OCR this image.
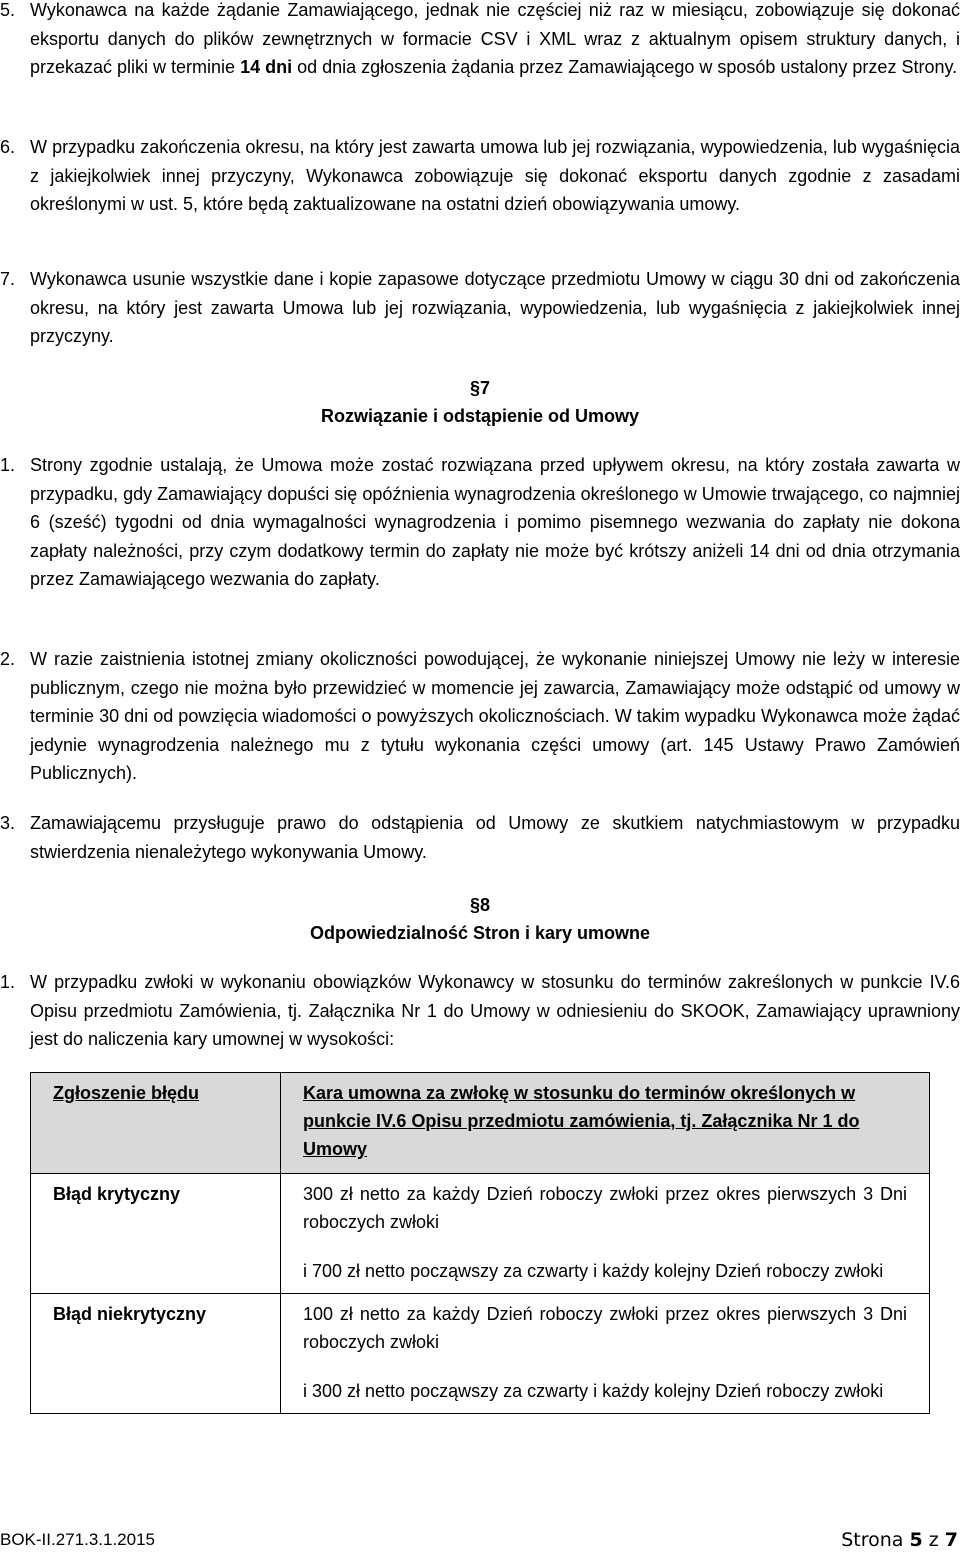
5. Wykonawca na każde żądanie Zamawiającego, jednak nie częściej niż raz w miesiącu, zobowiązuje się dokonać eksportu danych do plików zewnętrznych w formacie CSV i XML wraz z aktualnym opisem struktury danych, i przekazać pliki w terminie 14 dni od dnia zgłoszenia żądania przez Zamawiającego w sposób ustalony przez Strony.
6. W przypadku zakończenia okresu, na który jest zawarta umowa lub jej rozwiązania, wypowiedzenia, lub wygaśnięcia z jakiejkolwiek innej przyczyny, Wykonawca zobowiązuje się dokonać eksportu danych zgodnie z zasadami określonymi w ust. 5, które będą zaktualizowane na ostatni dzień obowiązywania umowy.
7. Wykonawca usunie wszystkie dane i kopie zapasowe dotyczące przedmiotu Umowy w ciągu 30 dni od zakończenia okresu, na który jest zawarta Umowa lub jej rozwiązania, wypowiedzenia, lub wygaśnięcia z jakiejkolwiek innej przyczyny.
§7
Rozwiązanie i odstąpienie od Umowy
1. Strony zgodnie ustalają, że Umowa może zostać rozwiązana przed upływem okresu, na który została zawarta w przypadku, gdy Zamawiający dopuści się opóźnienia wynagrodzenia określonego w Umowie trwającego, co najmniej 6 (sześć) tygodni od dnia wymagalności wynagrodzenia i pomimo pisemnego wezwania do zapłaty nie dokona zapłaty należności, przy czym dodatkowy termin do zapłaty nie może być krótszy aniżeli 14 dni od dnia otrzymania przez Zamawiającego wezwania do zapłaty.
2. W razie zaistnienia istotnej zmiany okoliczności powodującej, że wykonanie niniejszej Umowy nie leży w interesie publicznym, czego nie można było przewidzieć w momencie jej zawarcia, Zamawiający może odstąpić od umowy w terminie 30 dni od powzięcia wiadomości o powyższych okolicznościach. W takim wypadku Wykonawca może żądać jedynie wynagrodzenia należnego mu z tytułu wykonania części umowy (art. 145 Ustawy Prawo Zamówień Publicznych).
3. Zamawiającemu przysługuje prawo do odstąpienia od Umowy ze skutkiem natychmiastowym w przypadku stwierdzenia nienależytego wykonywania Umowy.
§8
Odpowiedzialność Stron i kary umowne
1. W przypadku zwłoki w wykonaniu obowiązków Wykonawcy w stosunku do terminów zakreślonych w punkcie IV.6 Opisu przedmiotu Zamówienia, tj. Załącznika Nr 1 do Umowy w odniesieniu do SKOOK, Zamawiający uprawniony jest do naliczenia kary umownej w wysokości:
Zgłoszenie błędu	Kara umowna za zwłokę w stosunku do terminów określonych w punkcie IV.6 Opisu przedmiotu zamówienia, tj. Załącznika Nr 1 do Umowy
Błąd krytyczny	300 zł netto za każdy Dzień roboczy zwłoki przez okres pierwszych 3 Dni roboczych zwłoki

i 700 zł netto począwszy za czwarty i każdy kolejny Dzień roboczy zwłoki

Błąd niekrytyczny	100 zł netto za każdy Dzień roboczy zwłoki przez okres pierwszych 3 Dni roboczych zwłoki

i 300 zł netto począwszy za czwarty i każdy kolejny Dzień roboczy zwłoki

BOK-II.271.3.1.2015	Strona 5 z 7
